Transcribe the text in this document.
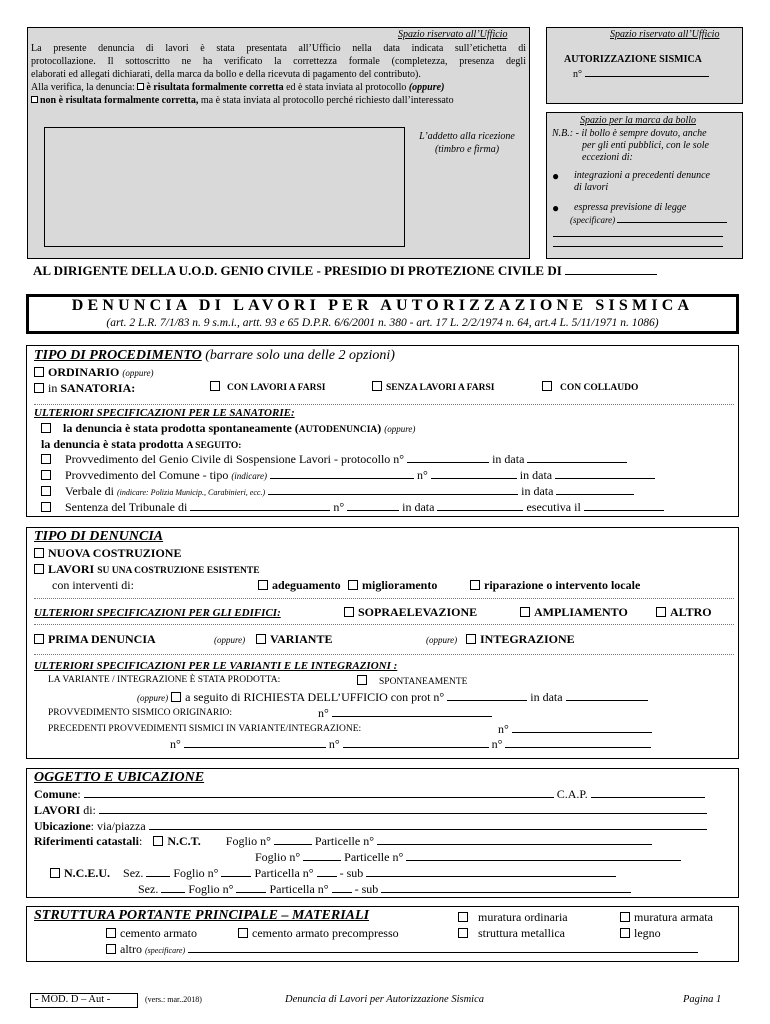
Spazio riservato all’Ufficio
La presente denuncia di lavori è stata presentata all’Ufficio nella data indicata sull’etichetta di
protocollazione. Il sottoscritto ne ha verificato la correttezza formale (completezza, presenza degli
elaborati ed allegati dichiarati, della marca da bollo e della ricevuta di pagamento del contributo).
Alla verifica, la denuncia: è risultata formalmente corretta ed è stata inviata al protocollo (oppure)
non è risultata formalmente corretta, ma è stata inviata al protocollo perché richiesto dall’interessato
L’addetto alla ricezione
(timbro e firma)
Spazio riservato all’Ufficio
AUTORIZZAZIONE SISMICA
n°
Spazio per la marca da bollo
N.B.: - il bollo è sempre dovuto, anche
per gli enti pubblici, con le sole
eccezioni di:
● integrazioni a precedenti denunce
di lavori
● espressa previsione di legge
(specificare)
AL DIRIGENTE DELLA U.O.D. GENIO CIVILE - PRESIDIO DI PROTEZIONE CIVILE DI
DENUNCIA DI LAVORI PER AUTORIZZAZIONE SISMICA
(art. 2 L.R. 7/1/83 n. 9 s.m.i., artt. 93 e 65 D.P.R. 6/6/2001 n. 380 - art. 17 L. 2/2/1974 n. 64, art.4 L. 5/11/1971 n. 1086)
TIPO DI PROCEDIMENTO (barrare solo una delle 2 opzioni)
ORDINARIO (oppure)
in SANATORIA:	CON LAVORI A FARSI	SENZA LAVORI A FARSI	CON COLLAUDO
ULTERIORI SPECIFICAZIONI PER LE SANATORIE:
la denuncia è stata prodotta spontaneamente (AUTODENUNCIA) (oppure)
la denuncia è stata prodotta A SEGUITO:
Provvedimento del Genio Civile di Sospensione Lavori - protocollo n°	in data
Provvedimento del Comune - tipo (indicare)	n°	in data
Verbale di (indicare: Polizia Municip., Carabinieri, ecc.)	in data
Sentenza del Tribunale di	n°	in data	esecutiva il
TIPO DI DENUNCIA
NUOVA COSTRUZIONE
LAVORI SU UNA COSTRUZIONE ESISTENTE
con interventi di:	adeguamento	miglioramento	riparazione o intervento locale
ULTERIORI SPECIFICAZIONI PER GLI EDIFICI:	SOPRAELEVAZIONE	AMPLIAMENTO	ALTRO
PRIMA DENUNCIA	(oppure)	VARIANTE	(oppure)	INTEGRAZIONE
ULTERIORI SPECIFICAZIONI PER LE VARIANTI E LE INTEGRAZIONI :
LA VARIANTE / INTEGRAZIONE È STATA PRODOTTA:	SPONTANEAMENTE
(oppure) a seguito di RICHIESTA DELL’UFFICIO con prot n°	in data
PROVVEDIMENTO SISMICO ORIGINARIO:	n°
PRECEDENTI PROVVEDIMENTI SISMICI IN VARIANTE/INTEGRAZIONE:	n°
n°	n°	n°
OGGETTO E UBICAZIONE
Comune:	C.A.P.
LAVORI di:
Ubicazione: via/piazza
Riferimenti catastali: N.C.T. Foglio n°	Particelle n°
Foglio n°	Particelle n°
N.C.E.U. Sez.	Foglio n°	Particella n° - sub
Sez.	Foglio n°	Particella n° - sub
STRUTTURA PORTANTE PRINCIPALE – MATERIALI	muratura ordinaria	muratura armata
cemento armato	cemento armato precompresso	struttura metallica	legno
altro (specificare)
- MOD. D – Aut -	(vers.: mar..2018)	Denuncia di Lavori per Autorizzazione Sismica	Pagina 1
